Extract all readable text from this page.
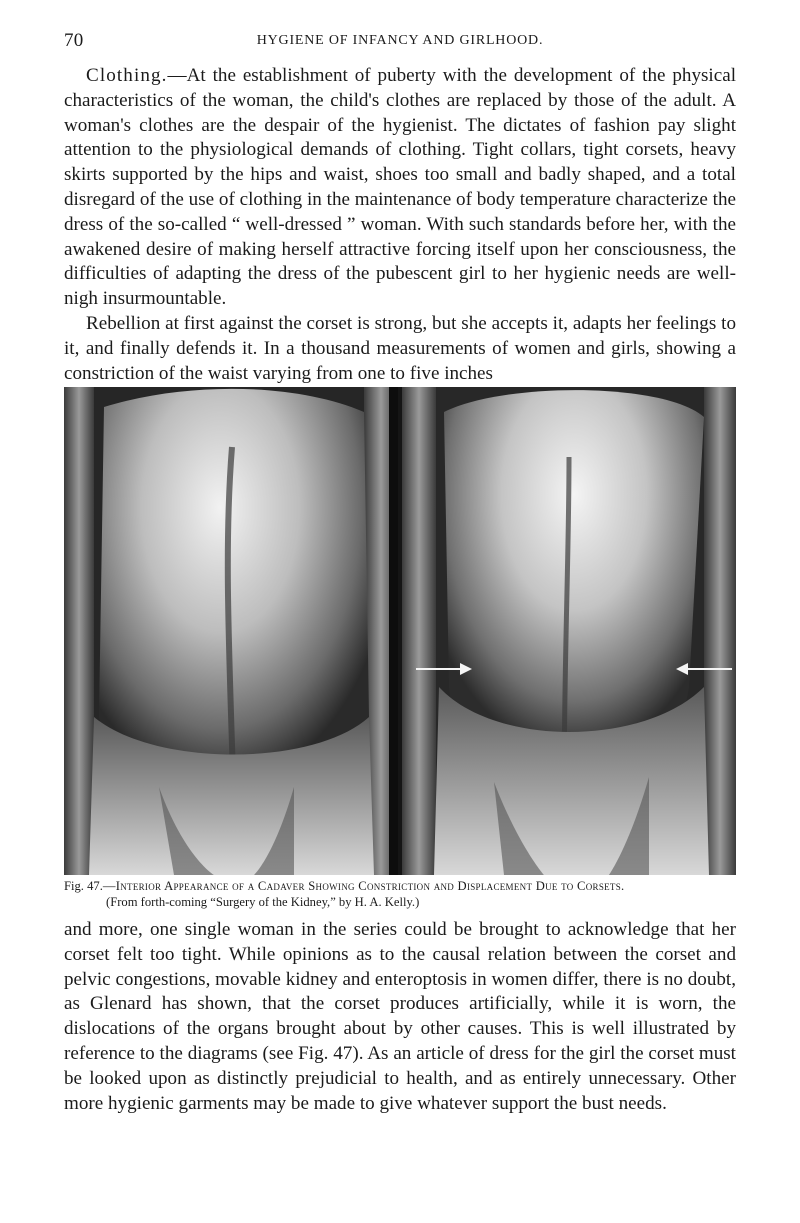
70	HYGIENE OF INFANCY AND GIRLHOOD.

Clothing.—At the establishment of puberty with the development of the physical characteristics of the woman, the child's clothes are replaced by those of the adult. A woman's clothes are the despair of the hygienist. The dictates of fashion pay slight attention to the physiological demands of clothing. Tight collars, tight corsets, heavy skirts supported by the hips and waist, shoes too small and badly shaped, and a total disregard of the use of clothing in the maintenance of body temperature characterize the dress of the so-called “ well-dressed ” woman. With such standards before her, with the awakened desire of making herself attractive forcing itself upon her consciousness, the difficulties of adapting the dress of the pubescent girl to her hygienic needs are well-nigh insurmountable.

Rebellion at first against the corset is strong, but she accepts it, adapts her feelings to it, and finally defends it. In a thousand measurements of women and girls, showing a constriction of the waist varying from one to five inches

Fig. 47.—Interior Appearance of a Cadaver Showing Constriction and Displacement Due to Corsets.
(From forth-coming “Surgery of the Kidney,” by H. A. Kelly.)

and more, one single woman in the series could be brought to acknowledge that her corset felt too tight. While opinions as to the causal relation between the corset and pelvic congestions, movable kidney and enteroptosis in women differ, there is no doubt, as Glenard has shown, that the corset produces artificially, while it is worn, the dislocations of the organs brought about by other causes. This is well illustrated by reference to the diagrams (see Fig. 47). As an article of dress for the girl the corset must be looked upon as distinctly prejudicial to health, and as entirely unnecessary. Other more hygienic garments may be made to give whatever support the bust needs.
